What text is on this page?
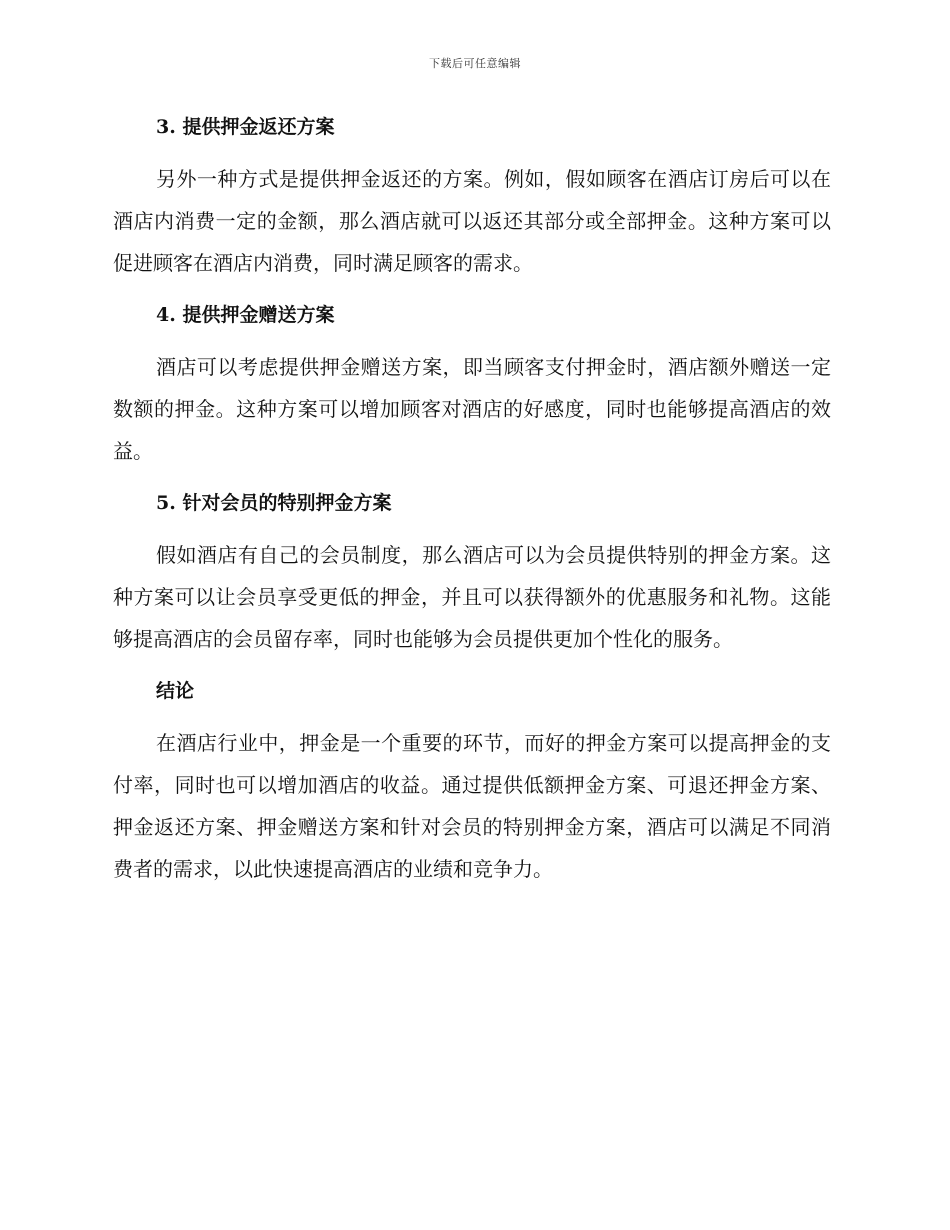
下载后可任意编辑
3. 提供押金返还方案

另外一种方式是提供押金返还的方案。例如，假如顾客在酒店订房后可以在酒店内消费一定的金额，那么酒店就可以返还其部分或全部押金。这种方案可以促进顾客在酒店内消费，同时满足顾客的需求。

4. 提供押金赠送方案

酒店可以考虑提供押金赠送方案，即当顾客支付押金时，酒店额外赠送一定数额的押金。这种方案可以增加顾客对酒店的好感度，同时也能够提高酒店的效益。

5. 针对会员的特别押金方案

假如酒店有自己的会员制度，那么酒店可以为会员提供特别的押金方案。这种方案可以让会员享受更低的押金，并且可以获得额外的优惠服务和礼物。这能够提高酒店的会员留存率，同时也能够为会员提供更加个性化的服务。

结论

在酒店行业中，押金是一个重要的环节，而好的押金方案可以提高押金的支付率，同时也可以增加酒店的收益。通过提供低额押金方案、可退还押金方案、押金返还方案、押金赠送方案和针对会员的特别押金方案，酒店可以满足不同消费者的需求，以此快速提高酒店的业绩和竞争力。
